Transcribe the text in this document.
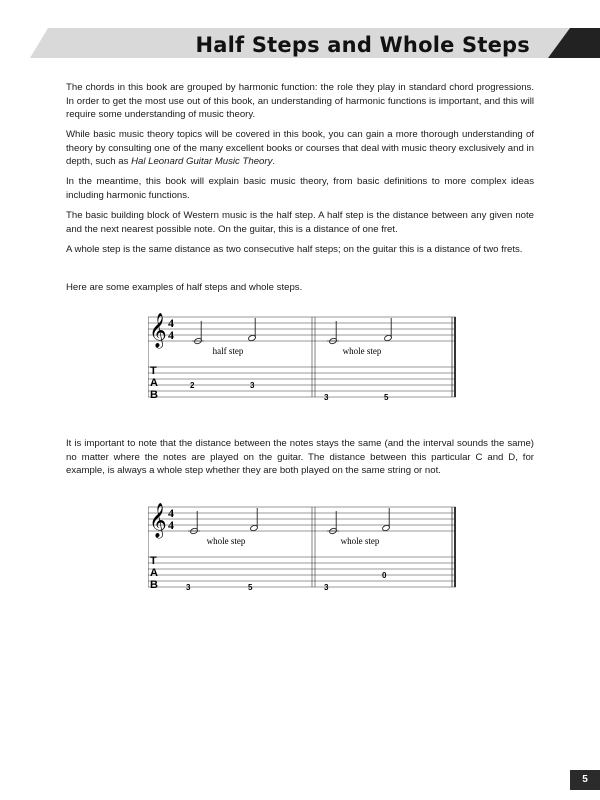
Half Steps and Whole Steps

The chords in this book are grouped by harmonic function: the role they play in standard chord progressions. In order to get the most use out of this book, an understanding of harmonic functions is important, and this will require some understanding of music theory.

While basic music theory topics will be covered in this book, you can gain a more thorough understanding of theory by consulting one of the many excellent books or courses that deal with music theory exclusively and in depth, such as Hal Leonard Guitar Music Theory.

In the meantime, this book will explain basic music theory, from basic definitions to more complex ideas including harmonic functions.

The basic building block of Western music is the half step. A half step is the distance between any given note and the next nearest possible note. On the guitar, this is a distance of one fret.

A whole step is the same distance as two consecutive half steps; on the guitar this is a distance of two frets.

Here are some examples of half steps and whole steps.

It is important to note that the distance between the notes stays the same (and the interval sounds the same) no matter where the notes are played on the guitar. The distance between this particular C and D, for example, is always a whole step whether they are both played on the same string or not.

𝄞 4
4
half step	whole step
T
A
B
2	3
3	5
𝄞 4
4
whole step	whole step
T
A
B	3	5	3
0
5
